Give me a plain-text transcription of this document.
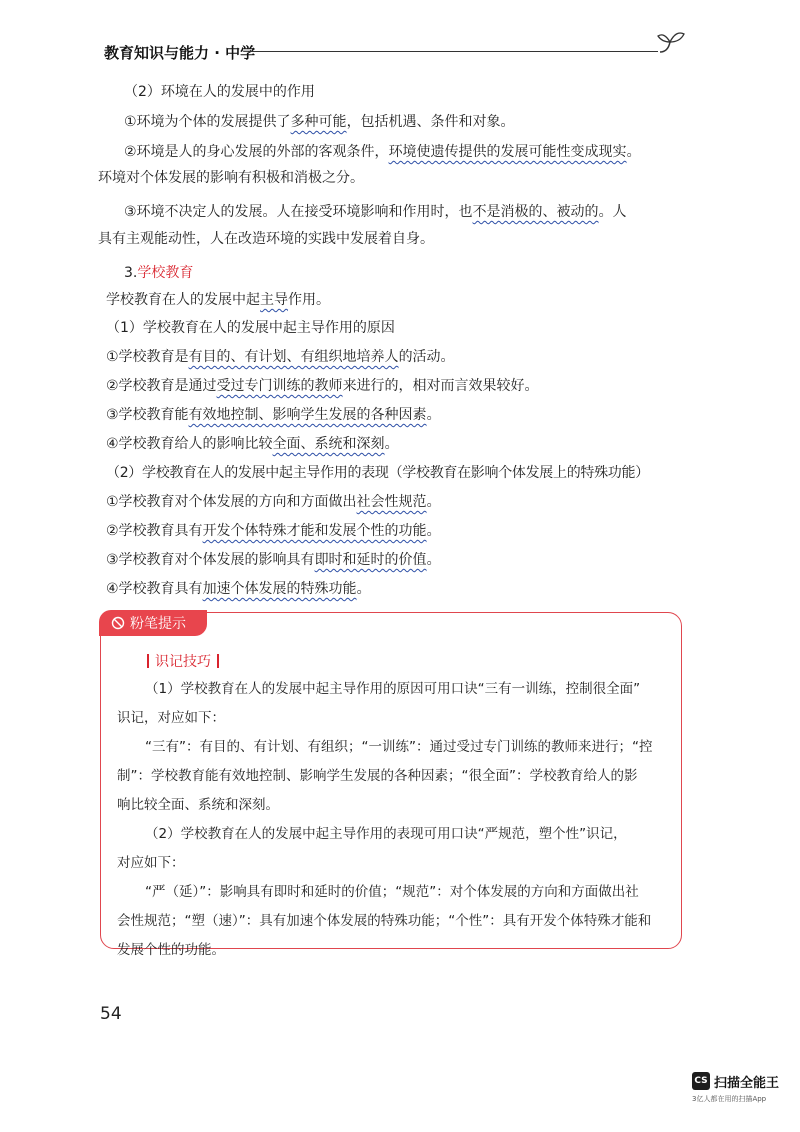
教育知识与能力 · 中学
（2）环境在人的发展中的作用
①环境为个体的发展提供了多种可能，包括机遇、条件和对象。
②环境是人的身心发展的外部的客观条件，环境使遗传提供的发展可能性变成现实。
环境对个体发展的影响有积极和消极之分。
③环境不决定人的发展。人在接受环境影响和作用时，也不是消极的、被动的。人
具有主观能动性，人在改造环境的实践中发展着自身。
3.学校教育
学校教育在人的发展中起主导作用。
（1）学校教育在人的发展中起主导作用的原因
①学校教育是有目的、有计划、有组织地培养人的活动。
②学校教育是通过受过专门训练的教师来进行的，相对而言效果较好。
③学校教育能有效地控制、影响学生发展的各种因素。
④学校教育给人的影响比较全面、系统和深刻。
（2）学校教育在人的发展中起主导作用的表现（学校教育在影响个体发展上的特殊功能）
①学校教育对个体发展的方向和方面做出社会性规范。
②学校教育具有开发个体特殊才能和发展个性的功能。
③学校教育对个体发展的影响具有即时和延时的价值。
④学校教育具有加速个体发展的特殊功能。
粉笔提示
识记技巧

（1）学校教育在人的发展中起主导作用的原因可用口诀“三有一训练，控制很全面”

识记，对应如下：

“三有”：有目的、有计划、有组织；“一训练”：通过受过专门训练的教师来进行；“控

制”：学校教育能有效地控制、影响学生发展的各种因素；“很全面”：学校教育给人的影

响比较全面、系统和深刻。

（2）学校教育在人的发展中起主导作用的表现可用口诀“严规范，塑个性”识记，

对应如下：

“严（延）”：影响具有即时和延时的价值；“规范”：对个体发展的方向和方面做出社

会性规范；“塑（速）”：具有加速个体发展的特殊功能；“个性”：具有开发个体特殊才能和

发展个性的功能。

54
CS 扫描全能王
3亿人都在用的扫描App
